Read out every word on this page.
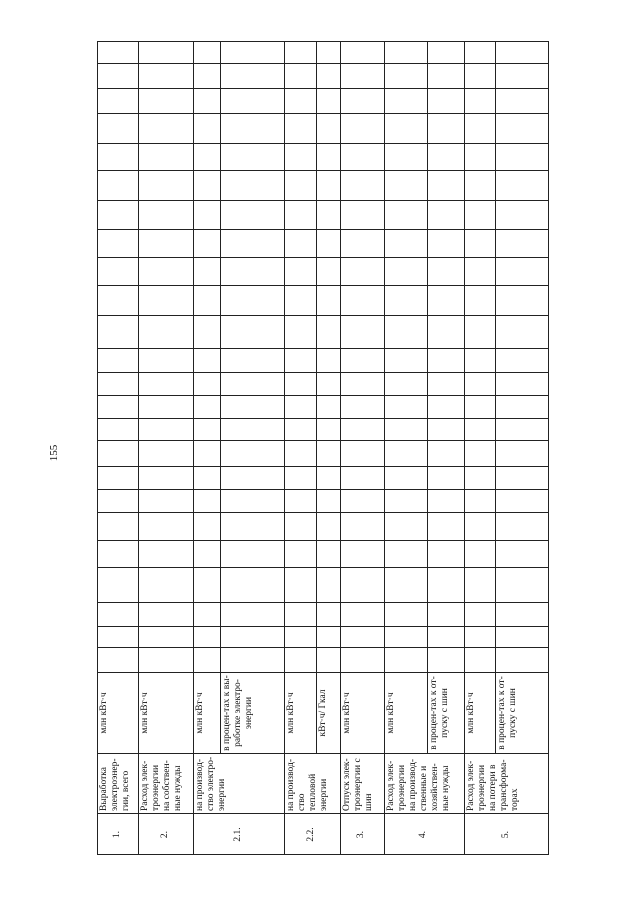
155
1.
Выработка электроэнер-гии, всего
млн кВт·ч
2.
Расход элек-троэнергии на собствен-ные нужды
млн кВт·ч
2.1.
на производ-ство электро-энергии
млн кВт·ч	в процен-тах к вы-работке электро-энергии
2.2.
на производ-ство тепловой энергии
млн кВт·ч	кВт·ч/ Гкал
3.
Отпуск элек-троэнергии с шин
млн кВт·ч
4.
Расход элек-троэнергии на производ-ственные и хозяйствен-ные нужды
млн кВт·ч	в процен-тах к от-пуску с шин
5.
Расход элек-троэнергии на потери в трансформа-торах
млн кВт·ч	в процен-тах к от-пуску с шин
